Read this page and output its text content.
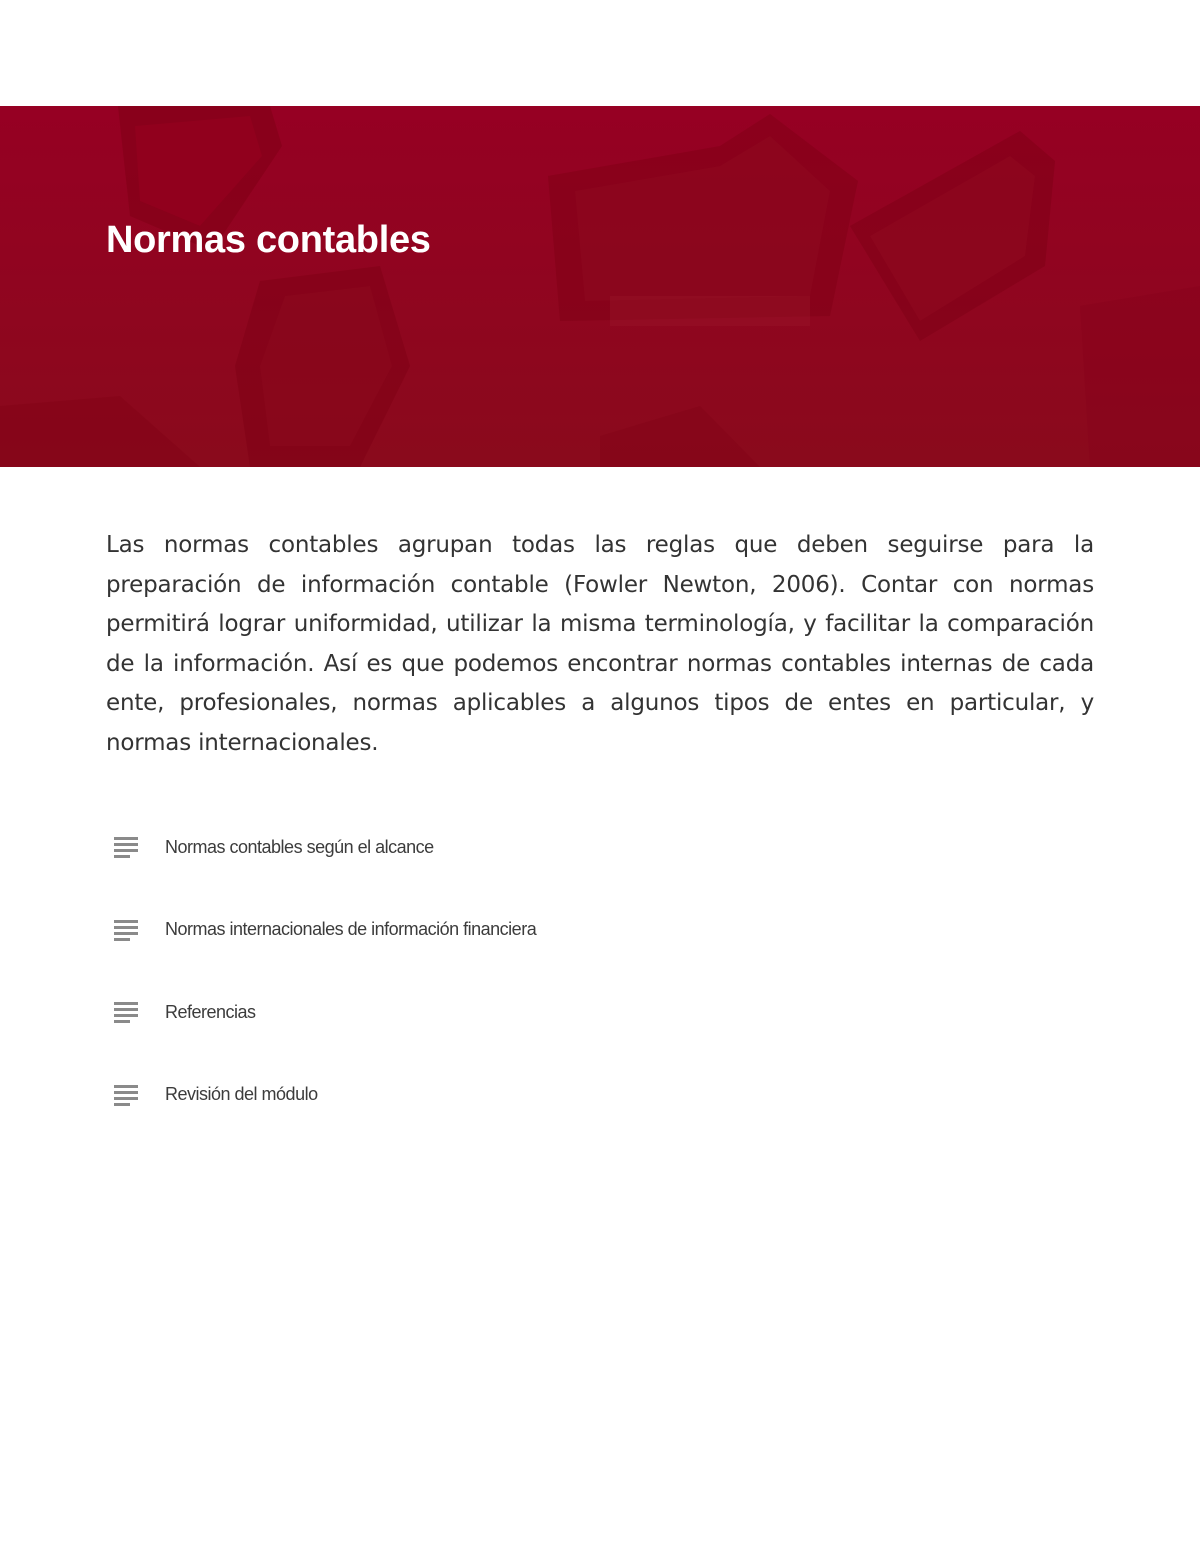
Normas contables

Las normas contables agrupan todas las reglas que deben seguirse para la preparación de información contable (Fowler Newton, 2006). Contar con normas permitirá lograr uniformidad, utilizar la misma terminología, y facilitar la comparación de la información. Así es que podemos encontrar normas contables internas de cada ente, profesionales, normas aplicables a algunos tipos de entes en particular, y normas internacionales.

Normas contables según el alcance
Normas internacionales de información financiera
Referencias
Revisión del módulo
